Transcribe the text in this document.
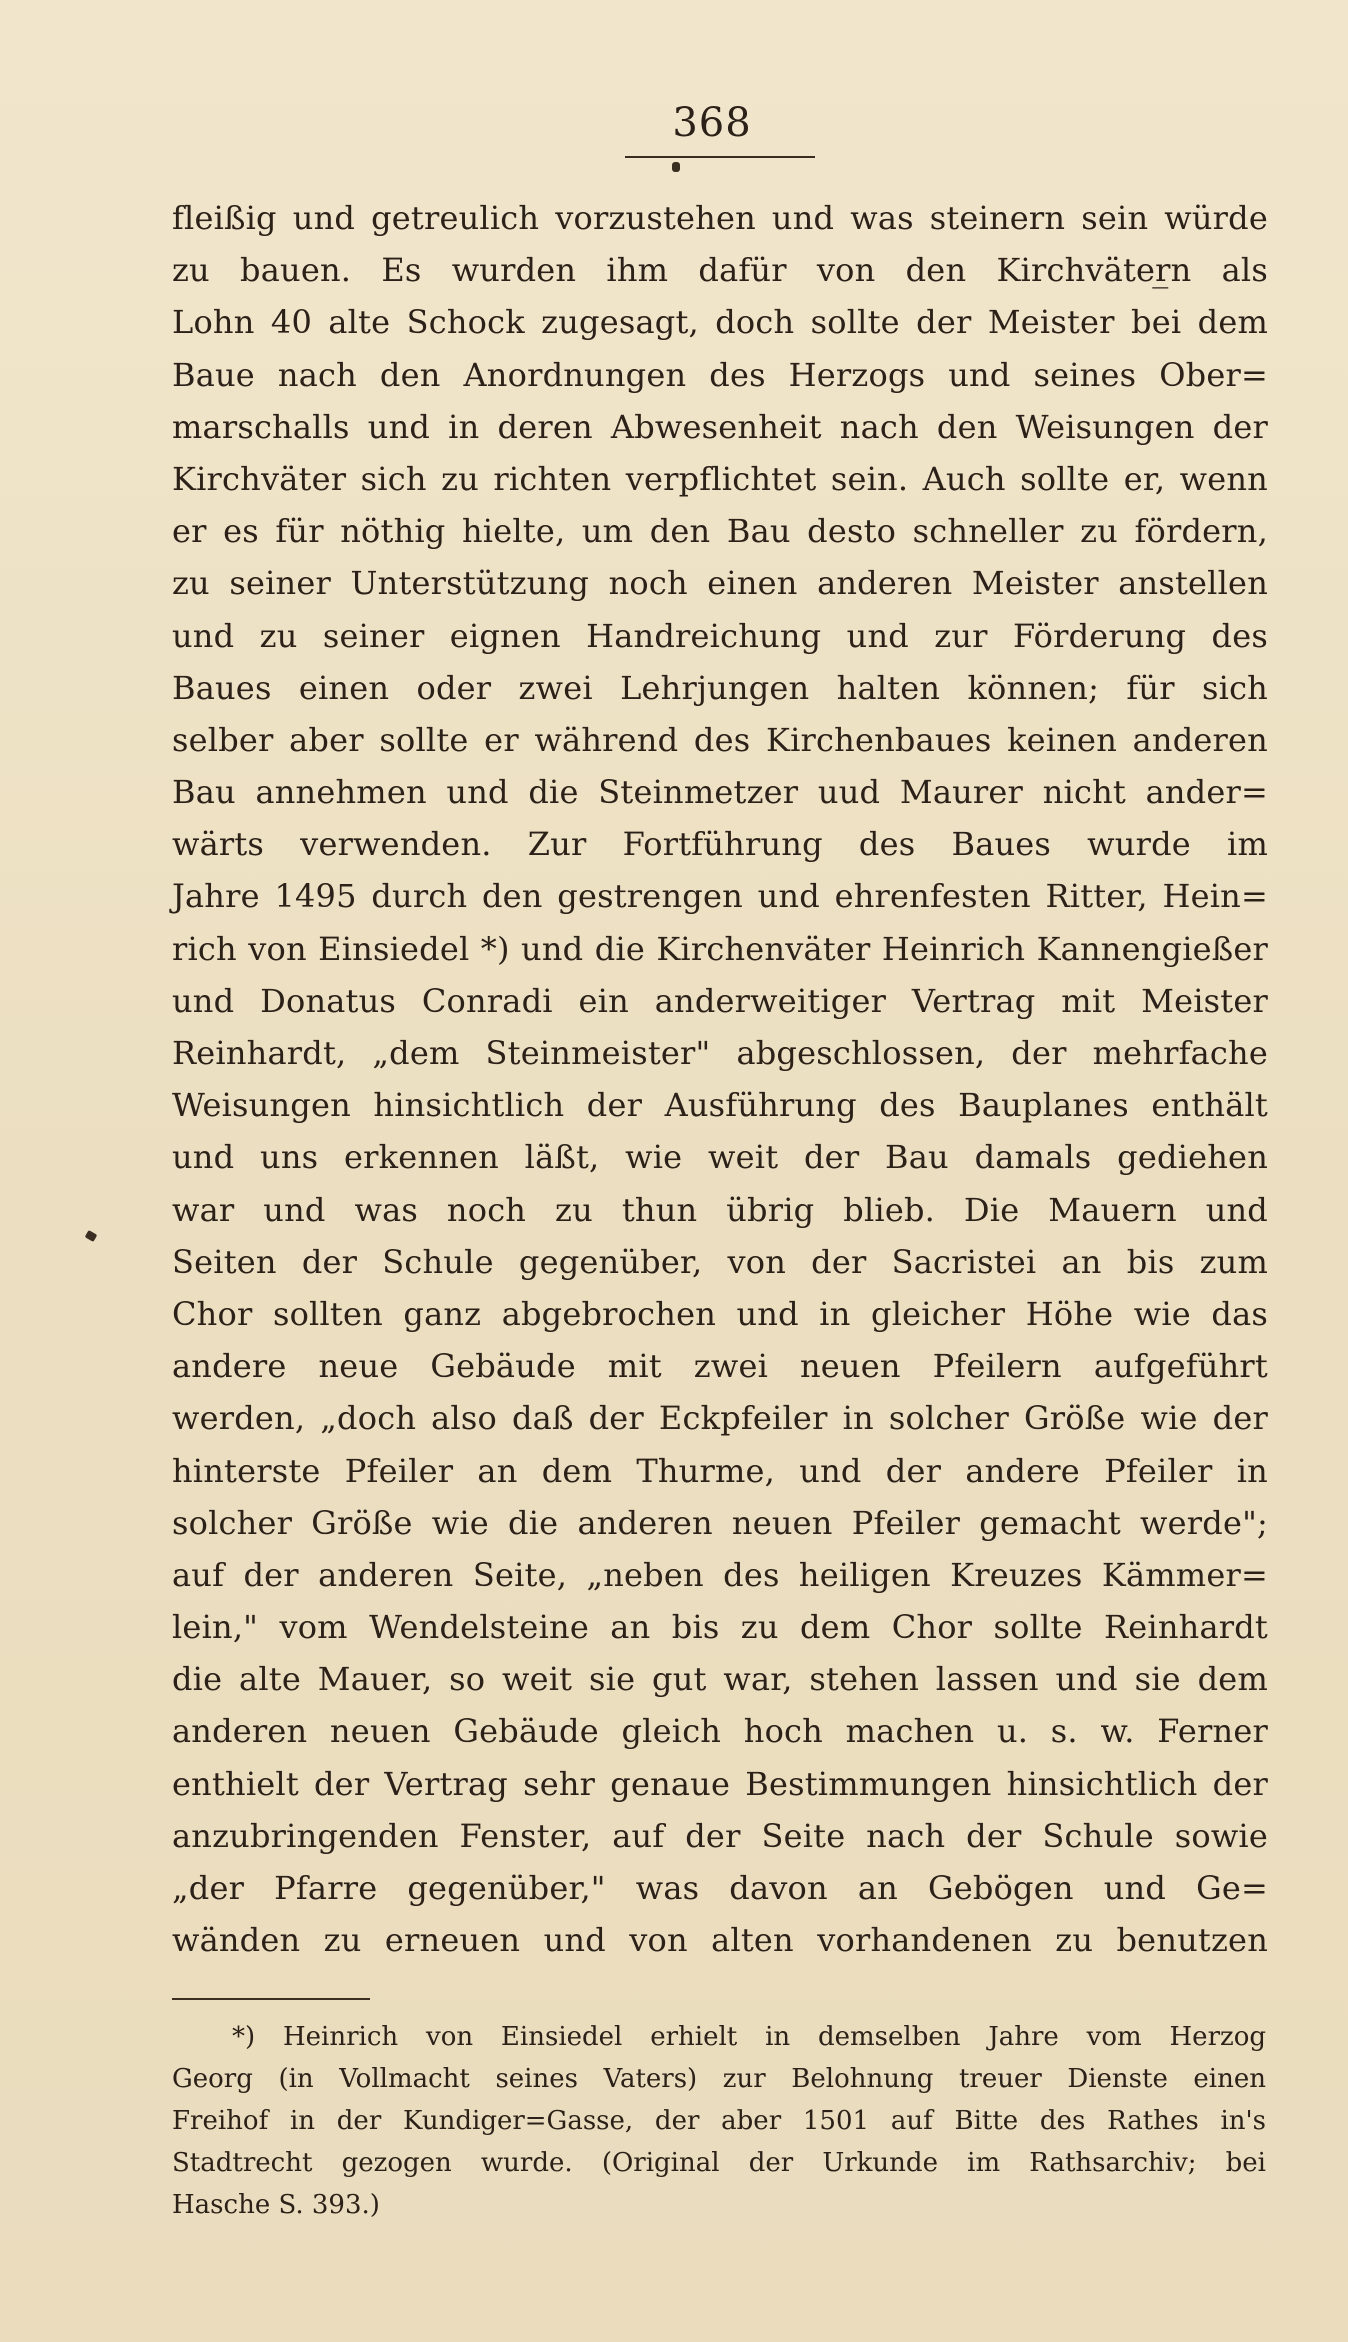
368
fleißig und getreulich vorzustehen und was steinern sein würde
zu bauen. Es wurden ihm dafür von den Kirchväter̲n als
Lohn 40 alte Schock zugesagt, doch sollte der Meister bei dem
Baue nach den Anordnungen des Herzogs und seines Ober=
marschalls und in deren Abwesenheit nach den Weisungen der
Kirchväter sich zu richten verpflichtet sein. Auch sollte er, wenn
er es für nöthig hielte, um den Bau desto schneller zu fördern,
zu seiner Unterstützung noch einen anderen Meister anstellen
und zu seiner eignen Handreichung und zur Förderung des
Baues einen oder zwei Lehrjungen halten können; für sich
selber aber sollte er während des Kirchenbaues keinen anderen
Bau annehmen und die Steinmetzer uud Maurer nicht ander=
wärts verwenden. Zur Fortführung des Baues wurde im
Jahre 1495 durch den gestrengen und ehrenfesten Ritter, Hein=
rich von Einsiedel *) und die Kirchenväter Heinrich Kannengießer
und Donatus Conradi ein anderweitiger Vertrag mit Meister
Reinhardt, „dem Steinmeister" abgeschlossen, der mehrfache
Weisungen hinsichtlich der Ausführung des Bauplanes enthält
und uns erkennen läßt, wie weit der Bau damals gediehen
war und was noch zu thun übrig blieb. Die Mauern und
Seiten der Schule gegenüber, von der Sacristei an bis zum
Chor sollten ganz abgebrochen und in gleicher Höhe wie das
andere neue Gebäude mit zwei neuen Pfeilern aufgeführt
werden, „doch also daß der Eckpfeiler in solcher Größe wie der
hinterste Pfeiler an dem Thurme, und der andere Pfeiler in
solcher Größe wie die anderen neuen Pfeiler gemacht werde";
auf der anderen Seite, „neben des heiligen Kreuzes Kämmer=
lein," vom Wendelsteine an bis zu dem Chor sollte Reinhardt
die alte Mauer, so weit sie gut war, stehen lassen und sie dem
anderen neuen Gebäude gleich hoch machen u. s. w. Ferner
enthielt der Vertrag sehr genaue Bestimmungen hinsichtlich der
anzubringenden Fenster, auf der Seite nach der Schule sowie
„der Pfarre gegenüber," was davon an Gebögen und Ge=
wänden zu erneuen und von alten vorhandenen zu benutzen
*) Heinrich von Einsiedel erhielt in demselben Jahre vom Herzog
Georg (in Vollmacht seines Vaters) zur Belohnung treuer Dienste einen
Freihof in der Kundiger=Gasse, der aber 1501 auf Bitte des Rathes in's
Stadtrecht gezogen wurde. (Original der Urkunde im Rathsarchiv; bei
Hasche S. 393.)
